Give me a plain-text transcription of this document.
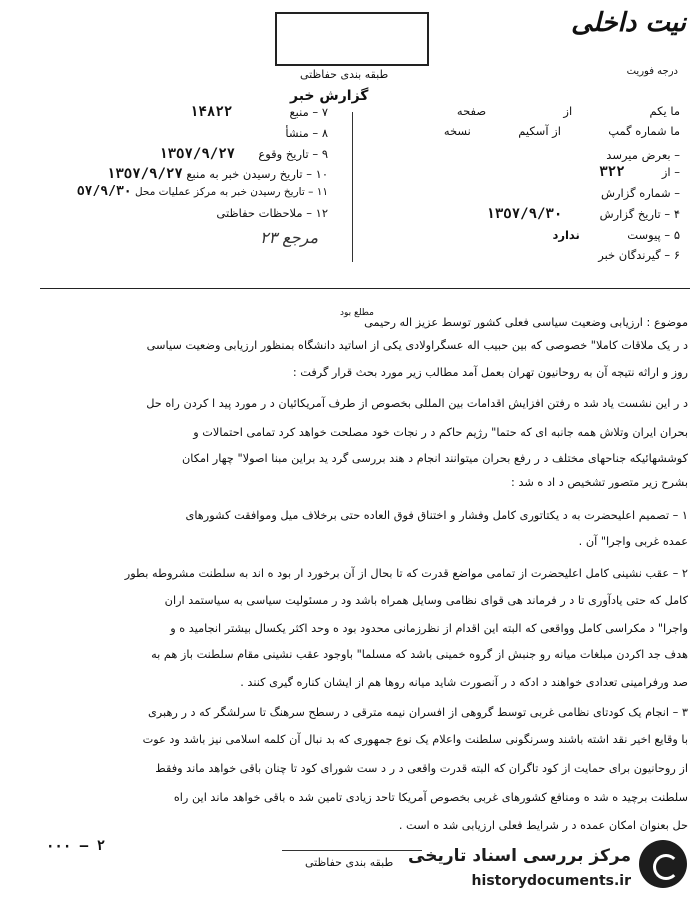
نیت داخلی
درجه فوریت
طبقه بندی حفاظتی
گزارش خبر
ما یکم  از  صفحه
ما شماره گمپ  از آسکیم  نسخه
– بعرض میرسد
– از  ٣٢٢
– شماره گزارش
۴ – تاریخ گزارش  ١٣٥٧/٩/٣٠
۵ – پیوست  ندارد
۶ – گیرندگان خبر
۷ – منبع  ١۴٨٢٢
۸ – منشأ
۹ – تاریخ وقوع  ١٣٥٧/٩/٢٧
۱۰ – تاریخ رسیدن خبر به منبع ١٣٥٧/٩/٢٧
۱۱ – تاریخ رسیدن خبر به مرکز عملیات محل ٥٧/٩/٣٠
۱۲ – ملاحظات حفاظتی
مرجع ۲۳
مطلع بود
موضوع : ارزیابی وضعیت سیاسی فعلی کشور توسط عزیز اله رحیمی
د ر یک ملاقات کاملا" خصوصی که بین حبیب اله عسگراولادی یکی از اساتید دانشگاه بمنظور ارزیابی وضعیت سیاسی
روز و اراثه نتیجه آن به روحانیون تهران بعمل آمد مطالب زیر مورد بحث قرار گرفت :
د ر این نشست یاد شد ه رفتن افزایش اقدامات بین المللی بخصوص از طرف آمریکائیان د ر مورد پید ا کردن راه حل
بحران ایران وتلاش همه جانبه ای که حتما" رژیم حاکم د ر نجات خود مصلحت خواهد کرد تمامی احتمالات و
کوششهائیکه جناحهای مختلف د ر رفع بحران میتوانند انجام د هند بررسی گرد ید براین مبنا اصولا" چهار امکان
بشرح زیر متصور تشخیص د اد ه شد :
۱ – تصمیم اعلیحضرت به د یکتاتوری کامل وفشار و اختناق فوق العاده حتی برخلاف میل وموافقت کشورهای
عمده غربی واجرا" آن .
۲ – عقب نشینی کامل اعلیحضرت از تمامی مواضع قدرت که تا بحال از آن برخورد ار بود ه اند به سلطنت مشروطه بطور
کامل که حتی یادآوری تا د ر فرماند هی قوای نظامی وسایل همراه باشد ود ر مسئولیت سیاسی به سیاستمد اران
واجرا" د مکراسی کامل وواقعی که البته این اقدام از نظرزمانی محدود بود ه وحد اکثر یکسال بیشتر انجامید ه و
هدف جد اکردن مبلغات میانه رو جنبش از گروه خمینی باشد که مسلما" باوجود عقب نشینی مقام سلطنت باز هم به
صد ورفرامینی تعدادی خواهند د ادکه د ر آنصورت شاید میانه روها هم از ایشان کناره گیری کنند .
۳ – انجام یک کودتای نظامی غربی توسط گروهی از افسران نیمه مترقی د رسطح سرهنگ تا سرلشگر که د ر رهبری
با وقایع اخیر نقد اشته باشند وسرنگونی سلطنت واعلام یک نوع جمهوری که بد نبال آن کلمه اسلامی نیز باشد ود عوت
از روحانیون برای حمایت از کود تاگران که البته قدرت واقعی د ر د ست شورای کود تا چنان باقی خواهد ماند وفقط
سلطنت برچید ه شد ه ومنافع کشورهای غربی بخصوص آمریکا تاحد زیادی تامین شد ه باقی خواهد ماند این راه
حل بعنوان امکان عمده د ر شرایط فعلی ارزیابی شد ه است .
٢ – ٠٠٠
طبقه بندی حفاظتی مرکز بررسی اسناد تاریخی
historydocuments.ir
